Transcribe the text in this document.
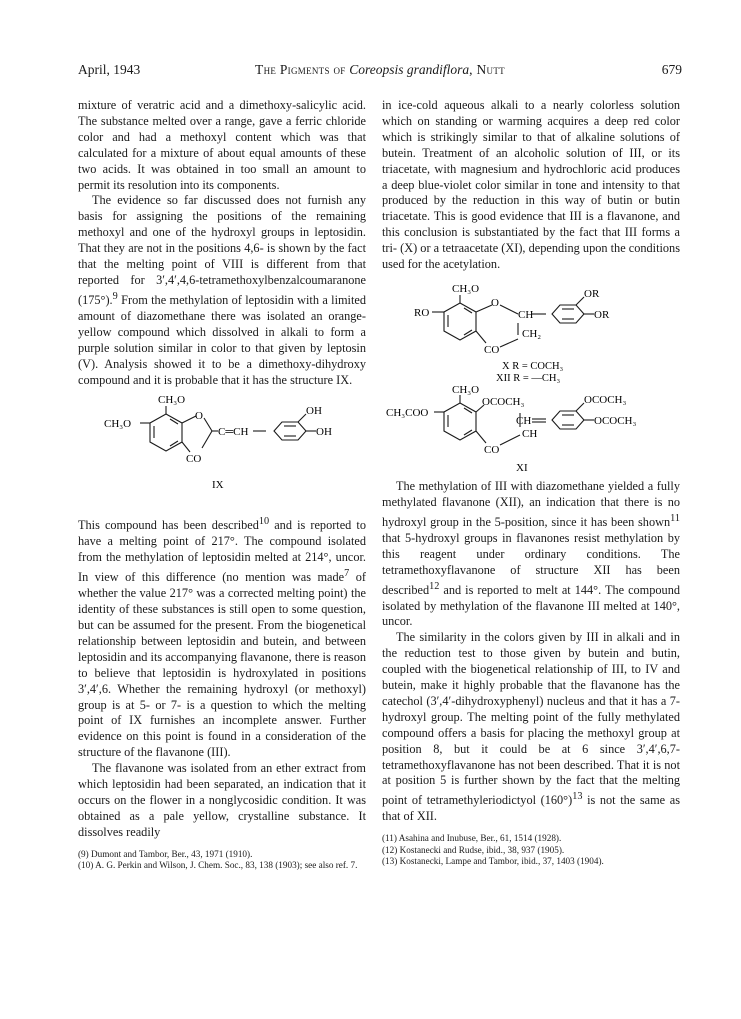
April, 1943	The Pigments of Coreopsis grandiflora, Nutt	679

mixture of veratric acid and a dimethoxy-salicylic acid. The substance melted over a range, gave a ferric chloride color and had a methoxyl content which was that calculated for a mixture of about equal amounts of these two acids. It was obtained in too small an amount to permit its resolution into its components.

The evidence so far discussed does not furnish any basis for assigning the positions of the remaining methoxyl and one of the hydroxyl groups in leptosidin. That they are not in the positions 4,6- is shown by the fact that the melting point of VIII is different from that reported for 3′,4′,4,6-tetramethoxylbenzalcoumaranone (175°).$^9$ From the methylation of leptosidin with a limited amount of diazomethane there was isolated an orange-yellow compound which dissolved in alkali to form a purple solution similar in color to that given by leptosin (V). Analysis showed it to be a dimethoxy-dihydroxy compound and it is probable that it has the structure IX.

CH₃O
CH₃O
O
C═CH
OH
OH
CO
IX

This compound has been described$^{10}$ and is reported to have a melting point of 217°. The compound isolated from the methylation of leptosidin melted at 214°, uncor. In view of this difference (no mention was made$^7$ of whether the value 217° was a corrected melting point) the identity of these substances is still open to some question, but can be assumed for the present. From the biogenetical relationship between leptosidin and butein, and between leptosidin and its accompanying flavanone, there is reason to believe that leptosidin is hydroxylated in positions 3′,4′,6. Whether the remaining hydroxyl (or methoxyl) group is at 5- or 7- is a question to which the melting point of IX furnishes an incomplete answer. Further evidence on this point is found in a consideration of the structure of the flavanone (III).

The flavanone was isolated from an ether extract from which leptosidin had been separated, an indication that it occurs on the flower in a nonglycosidic condition. It was obtained as a pale yellow, crystalline substance. It dissolves readily

(9) Dumont and Tambor, Ber., 43, 1971 (1910).

(10) A. G. Perkin and Wilson, J. Chem. Soc., 83, 138 (1903); see also ref. 7.

in ice-cold aqueous alkali to a nearly colorless solution which on standing or warming acquires a deep red color which is strikingly similar to that of alkaline solutions of butein. Treatment of an alcoholic solution of III, or its triacetate, with magnesium and hydrochloric acid produces a deep blue-violet color similar in tone and intensity to that produced by the reduction in this way of butin or butin triacetate. This is good evidence that III is a flavanone, and this conclusion is substantiated by the fact that III forms a tri- (X) or a tetraacetate (XI), depending upon the conditions used for the acetylation.

CH₃O
RO
O
CH
CH₂
CO
OR
OR
X R = COCH₃
XII R = —CH₃
CH₃O
CH₃COO
OCOCH₃
CH
CH
CO
OCOCH₃
OCOCH₃
XI

The methylation of III with diazomethane yielded a fully methylated flavanone (XII), an indication that there is no hydroxyl group in the 5-position, since it has been shown$^{11}$ that 5-hydroxyl groups in flavanones resist methylation by this reagent under ordinary conditions. The tetramethoxyflavanone of structure XII has been described$^{12}$ and is reported to melt at 144°. The compound isolated by methylation of the flavanone III melted at 140°, uncor.

The similarity in the colors given by III in alkali and in the reduction test to those given by butein and butin, coupled with the biogenetical relationship of III, to IV and butein, make it highly probable that the flavanone has the catechol (3′,4′-dihydroxyphenyl) nucleus and that it has a 7-hydroxyl group. The melting point of the fully methylated compound offers a basis for placing the methoxyl group at position 8, but it could be at 6 since 3′,4′,6,7-tetramethoxyflavanone has not been described. That it is not at position 5 is further shown by the fact that the melting point of tetramethyleriodictyol $(160^\circ)^{13}$ is not the same as that of XII.

(11) Asahina and Inubuse, Ber., 61, 1514 (1928).

(12) Kostanecki and Rudse, ibid., 38, 937 (1905).

(13) Kostanecki, Lampe and Tambor, ibid., 37, 1403 (1904).
